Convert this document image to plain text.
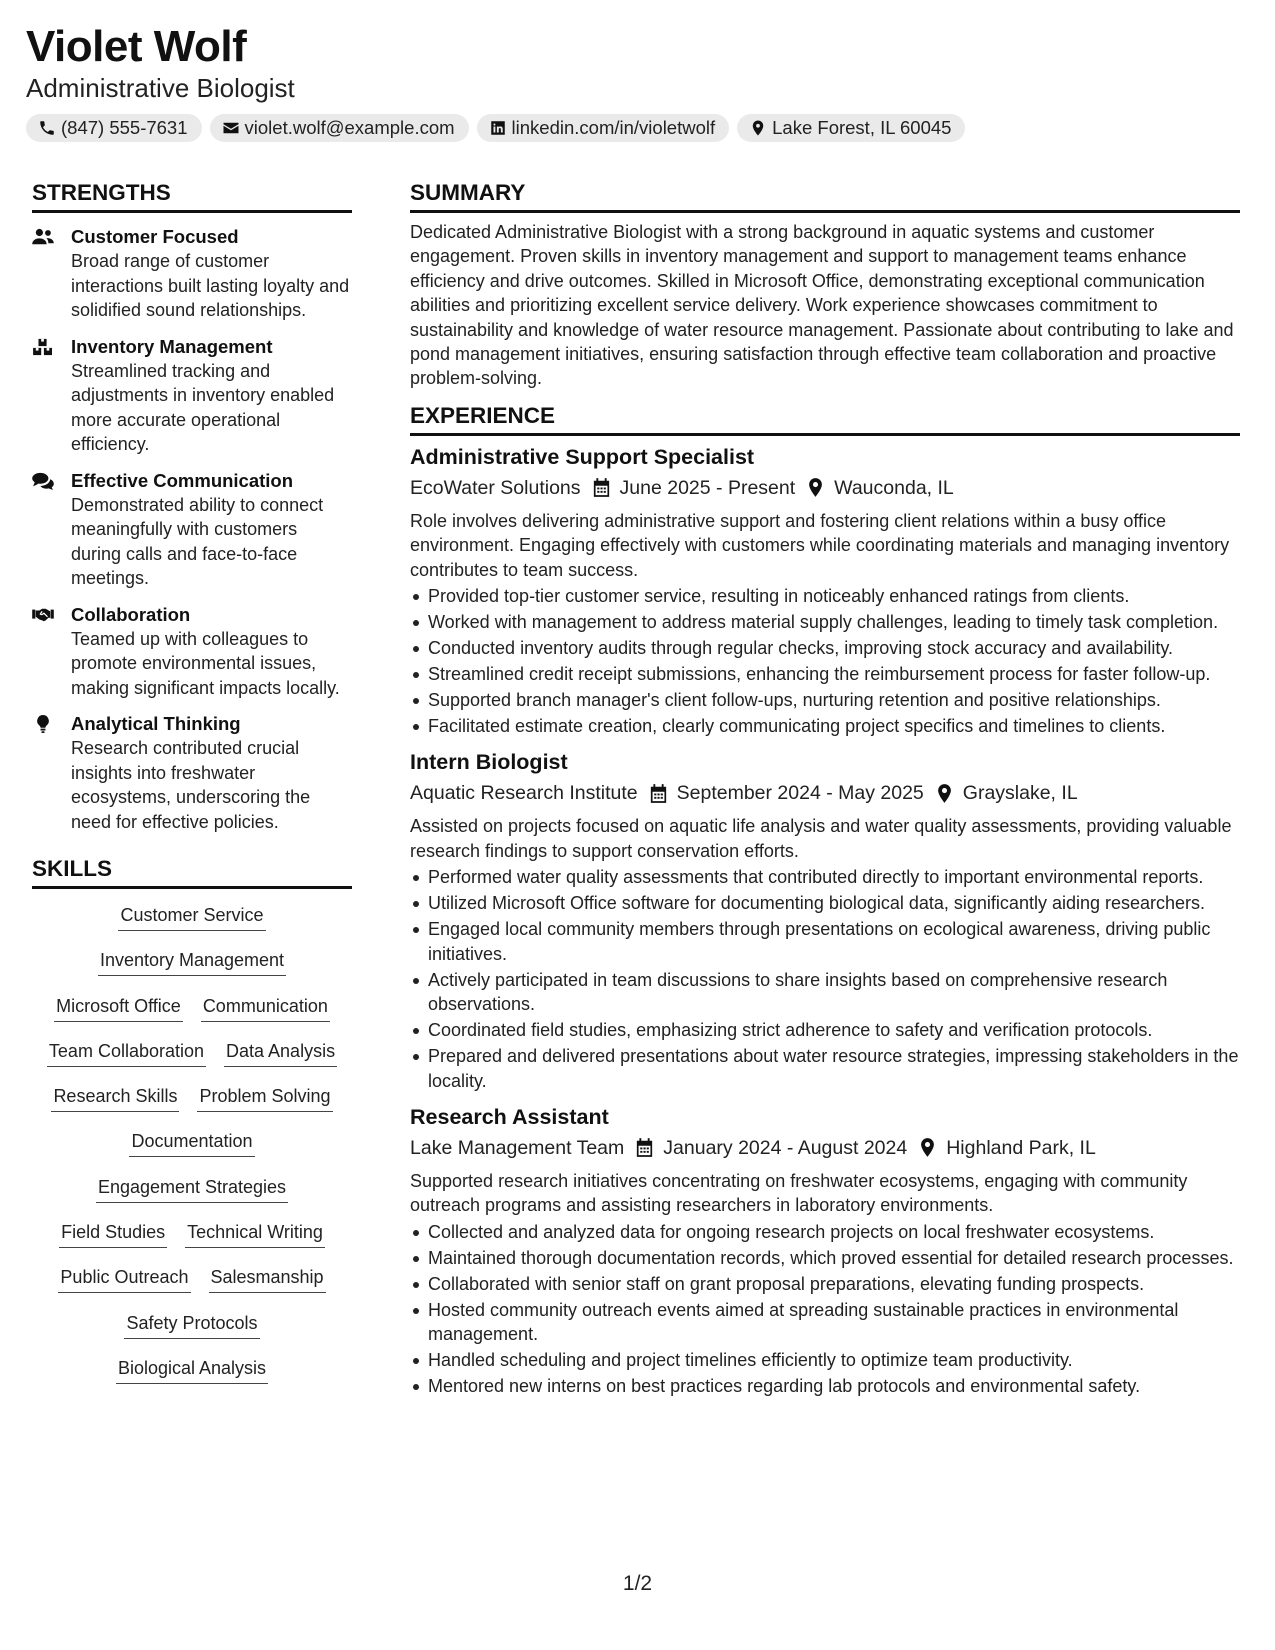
Violet Wolf
Administrative Biologist
(847) 555-7631	violet.wolf@example.com	linkedin.com/in/violetwolf	Lake Forest, IL 60045
STRENGTHS
Customer Focused
Broad range of customer interactions built lasting loyalty and solidified sound relationships.
Inventory Management
Streamlined tracking and adjustments in inventory enabled more accurate operational efficiency.
Effective Communication
Demonstrated ability to connect meaningfully with customers during calls and face-to-face meetings.
Collaboration
Teamed up with colleagues to promote environmental issues, making significant impacts locally.
Analytical Thinking
Research contributed crucial insights into freshwater ecosystems, underscoring the need for effective policies.
SKILLS
Customer Service
Inventory Management
Microsoft Office Communication
Team Collaboration Data Analysis
Research Skills Problem Solving
Documentation
Engagement Strategies
Field Studies Technical Writing
Public Outreach Salesmanship
Safety Protocols
Biological Analysis
SUMMARY
Dedicated Administrative Biologist with a strong background in aquatic systems and customer engagement. Proven skills in inventory management and support to management teams enhance efficiency and drive outcomes. Skilled in Microsoft Office, demonstrating exceptional communication abilities and prioritizing excellent service delivery. Work experience showcases commitment to sustainability and knowledge of water resource management. Passionate about contributing to lake and pond management initiatives, ensuring satisfaction through effective team collaboration and proactive problem-solving.
EXPERIENCE
Administrative Support Specialist
EcoWater Solutions June 2025 - Present Wauconda, IL
Role involves delivering administrative support and fostering client relations within a busy office environment. Engaging effectively with customers while coordinating materials and managing inventory contributes to team success.
Provided top-tier customer service, resulting in noticeably enhanced ratings from clients.
Worked with management to address material supply challenges, leading to timely task completion.
Conducted inventory audits through regular checks, improving stock accuracy and availability.
Streamlined credit receipt submissions, enhancing the reimbursement process for faster follow-up.
Supported branch manager's client follow-ups, nurturing retention and positive relationships.
Facilitated estimate creation, clearly communicating project specifics and timelines to clients.
Intern Biologist
Aquatic Research Institute September 2024 - May 2025 Grayslake, IL
Assisted on projects focused on aquatic life analysis and water quality assessments, providing valuable research findings to support conservation efforts.
Performed water quality assessments that contributed directly to important environmental reports.
Utilized Microsoft Office software for documenting biological data, significantly aiding researchers.
Engaged local community members through presentations on ecological awareness, driving public initiatives.
Actively participated in team discussions to share insights based on comprehensive research observations.
Coordinated field studies, emphasizing strict adherence to safety and verification protocols.
Prepared and delivered presentations about water resource strategies, impressing stakeholders in the locality.
Research Assistant
Lake Management Team January 2024 - August 2024 Highland Park, IL
Supported research initiatives concentrating on freshwater ecosystems, engaging with community outreach programs and assisting researchers in laboratory environments.
Collected and analyzed data for ongoing research projects on local freshwater ecosystems.
Maintained thorough documentation records, which proved essential for detailed research processes.
Collaborated with senior staff on grant proposal preparations, elevating funding prospects.
Hosted community outreach events aimed at spreading sustainable practices in environmental management.
Handled scheduling and project timelines efficiently to optimize team productivity.
Mentored new interns on best practices regarding lab protocols and environmental safety.
1/2
